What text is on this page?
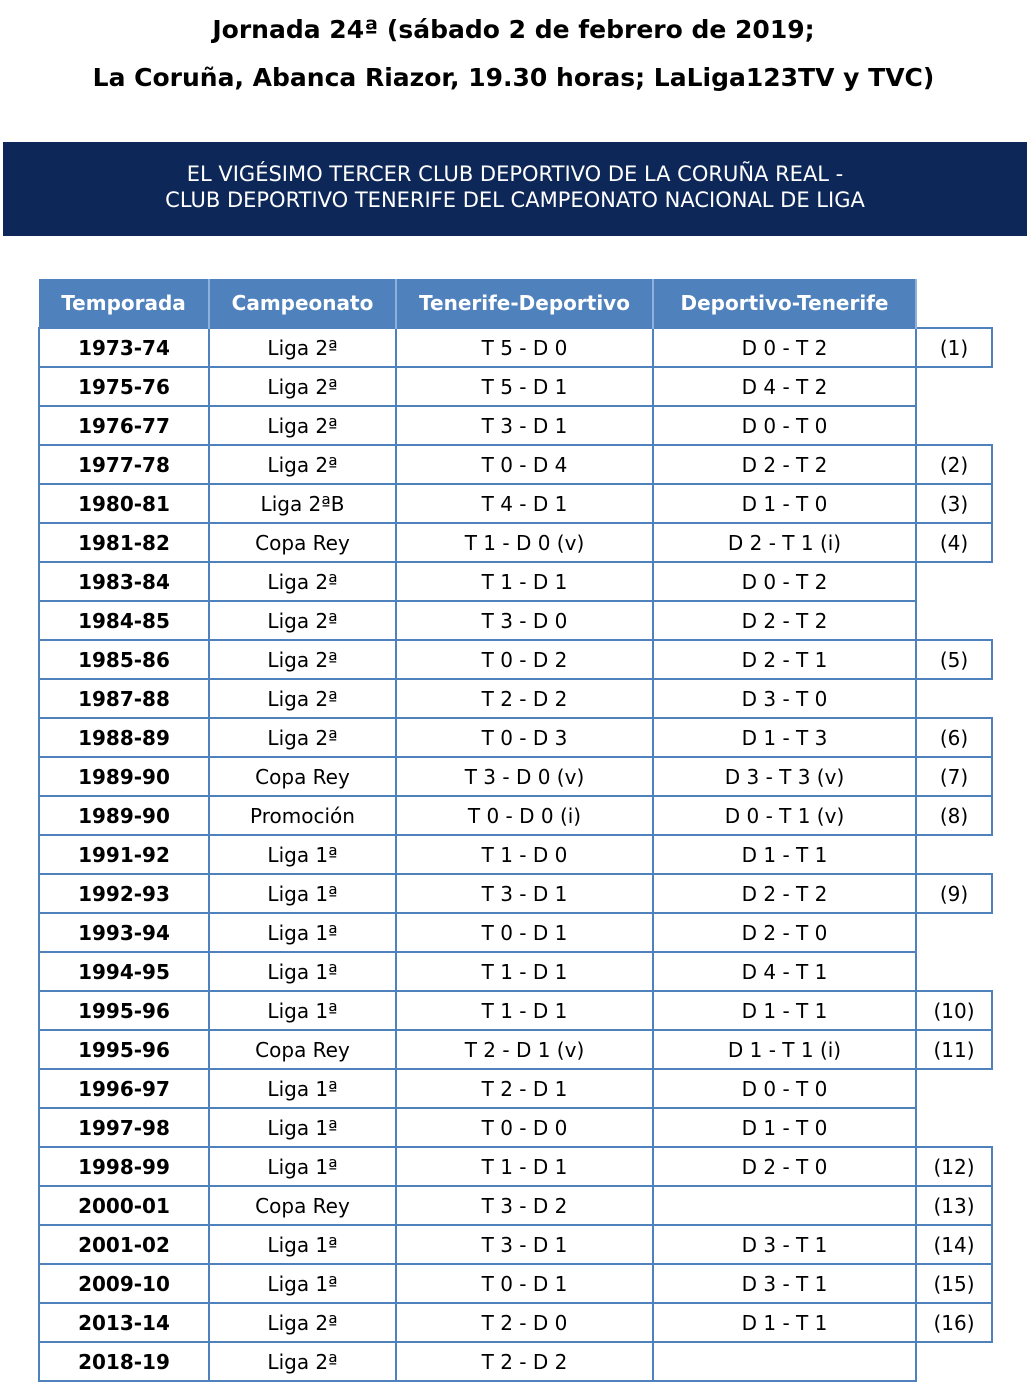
Jornada 24ª (sábado 2 de febrero de 2019;
La Coruña, Abanca Riazor, 19.30 horas; LaLiga123TV y TVC)
EL VIGÉSIMO TERCER CLUB DEPORTIVO DE LA CORUÑA REAL -
CLUB DEPORTIVO TENERIFE DEL CAMPEONATO NACIONAL DE LIGA
Temporada	Campeonato	Tenerife-Deportivo	Deportivo-Tenerife	
1973-74	Liga 2ª	T 5 - D 0	D 0 - T 2	(1)
1975-76	Liga 2ª	T 5 - D 1	D 4 - T 2	
1976-77	Liga 2ª	T 3 - D 1	D 0 - T 0	
1977-78	Liga 2ª	T 0 - D 4	D 2 - T 2	(2)
1980-81	Liga 2ªB	T 4 - D 1	D 1 - T 0	(3)
1981-82	Copa Rey	T 1 - D 0 (v)	D 2 - T 1 (i)	(4)
1983-84	Liga 2ª	T 1 - D 1	D 0 - T 2	
1984-85	Liga 2ª	T 3 - D 0	D 2 - T 2	
1985-86	Liga 2ª	T 0 - D 2	D 2 - T 1	(5)
1987-88	Liga 2ª	T 2 - D 2	D 3 - T 0	
1988-89	Liga 2ª	T 0 - D 3	D 1 - T 3	(6)
1989-90	Copa Rey	T 3 - D 0 (v)	D 3 - T 3 (v)	(7)
1989-90	Promoción	T 0 - D 0 (i)	D 0 - T 1 (v)	(8)
1991-92	Liga 1ª	T 1 - D 0	D 1 - T 1	
1992-93	Liga 1ª	T 3 - D 1	D 2 - T 2	(9)
1993-94	Liga 1ª	T 0 - D 1	D 2 - T 0	
1994-95	Liga 1ª	T 1 - D 1	D 4 - T 1	
1995-96	Liga 1ª	T 1 - D 1	D 1 - T 1	(10)
1995-96	Copa Rey	T 2 - D 1 (v)	D 1 - T 1 (i)	(11)
1996-97	Liga 1ª	T 2 - D 1	D 0 - T 0	
1997-98	Liga 1ª	T 0 - D 0	D 1 - T 0	
1998-99	Liga 1ª	T 1 - D 1	D 2 - T 0	(12)
2000-01	Copa Rey	T 3 - D 2		(13)
2001-02	Liga 1ª	T 3 - D 1	D 3 - T 1	(14)
2009-10	Liga 1ª	T 0 - D 1	D 3 - T 1	(15)
2013-14	Liga 2ª	T 2 - D 0	D 1 - T 1	(16)
2018-19	Liga 2ª	T 2 - D 2		
